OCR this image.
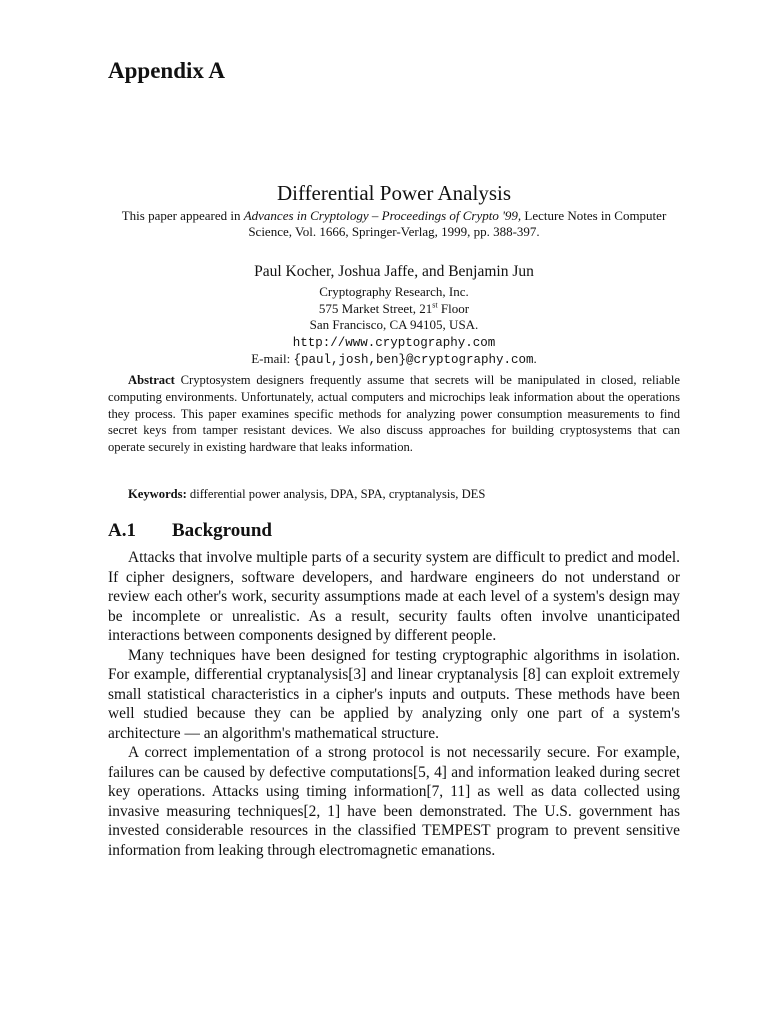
Appendix A
Differential Power Analysis

This paper appeared in Advances in Cryptology – Proceedings of Crypto '99, Lecture Notes in Computer Science, Vol. 1666, Springer-Verlag, 1999, pp. 388-397.

Paul Kocher, Joshua Jaffe, and Benjamin Jun

Cryptography Research, Inc.

575 Market Street, 21st Floor

San Francisco, CA 94105, USA.

http://www.cryptography.com

E-mail: {paul,josh,ben}@cryptography.com.

Abstract Cryptosystem designers frequently assume that secrets will be manipulated in closed, reliable computing environments. Unfortunately, actual computers and microchips leak information about the operations they process. This paper examines specific methods for analyzing power consumption measurements to find secret keys from tamper resistant devices. We also discuss approaches for building cryptosystems that can operate securely in existing hardware that leaks information.

Keywords: differential power analysis, DPA, SPA, cryptanalysis, DES

A.1 Background

Attacks that involve multiple parts of a security system are difficult to predict and model. If cipher designers, software developers, and hardware engineers do not understand or review each other's work, security assumptions made at each level of a system's design may be incomplete or unrealistic. As a result, security faults often involve unanticipated interactions between components designed by different people.

Many techniques have been designed for testing cryptographic algorithms in isolation. For example, differential cryptanalysis[3] and linear cryptanalysis [8] can exploit extremely small statistical characteristics in a cipher's inputs and outputs. These methods have been well studied because they can be applied by analyzing only one part of a system's architecture — an algorithm's mathematical structure.

A correct implementation of a strong protocol is not necessarily secure. For example, failures can be caused by defective computations[5, 4] and information leaked during secret key operations. Attacks using timing information[7, 11] as well as data collected using invasive measuring techniques[2, 1] have been demonstrated. The U.S. government has invested considerable resources in the classified TEMPEST program to prevent sensitive information from leaking through electromagnetic emanations.
